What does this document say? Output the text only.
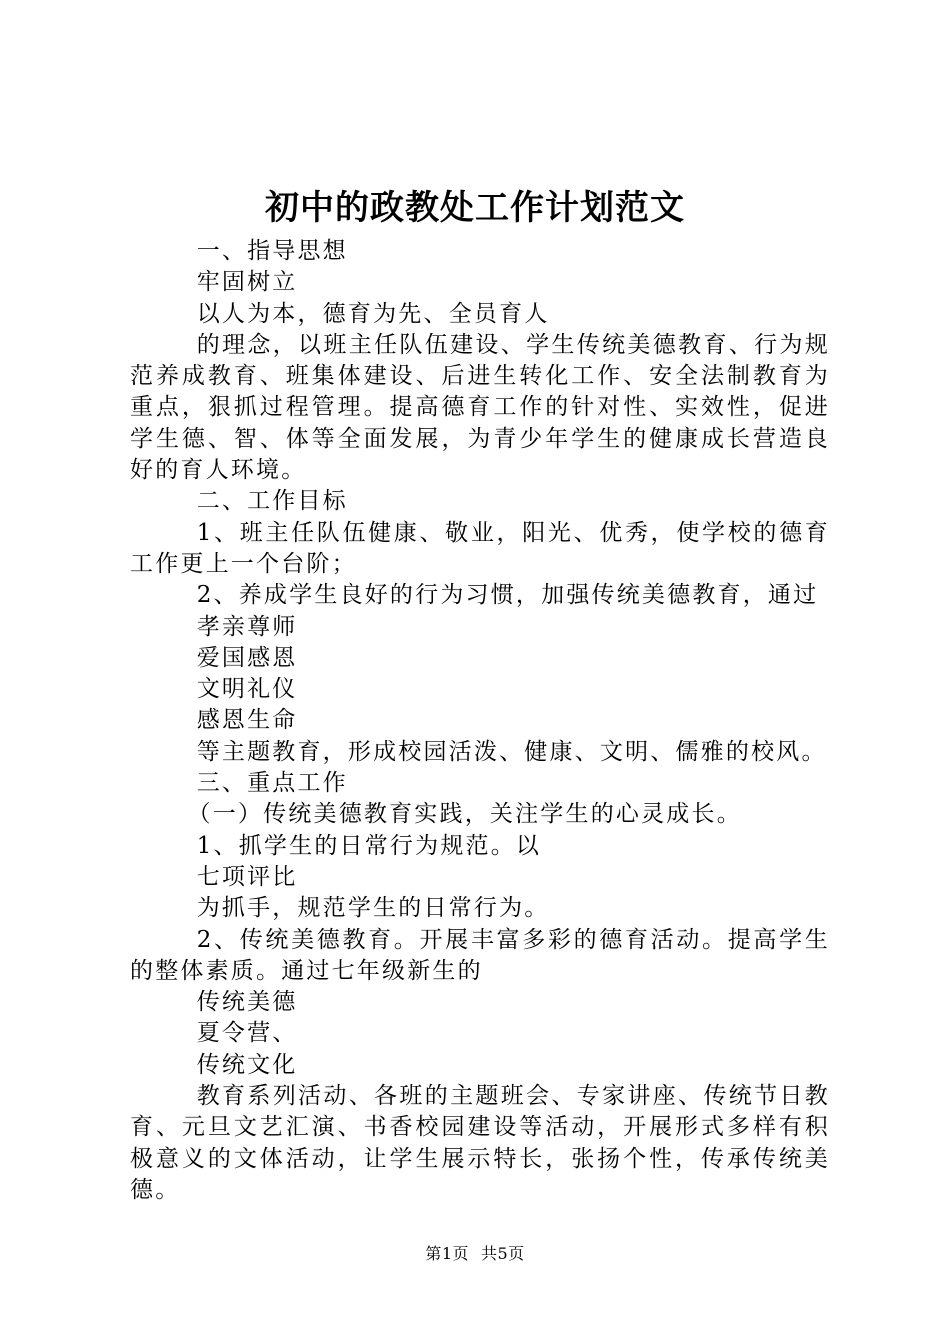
初中的政教处工作计划范文

一、指导思想

牢固树立

以人为本，德育为先、全员育人

的理念，以班主任队伍建设、学生传统美德教育、行为规范养成教育、班集体建设、后进生转化工作、安全法制教育为重点，狠抓过程管理。提高德育工作的针对性、实效性，促进学生德、智、体等全面发展，为青少年学生的健康成长营造良好的育人环境。

二、工作目标

1、班主任队伍健康、敬业，阳光、优秀，使学校的德育工作更上一个台阶；

2、养成学生良好的行为习惯，加强传统美德教育，通过

孝亲尊师

爱国感恩

文明礼仪

感恩生命

等主题教育，形成校园活泼、健康、文明、儒雅的校风。

三、重点工作

（一）传统美德教育实践，关注学生的心灵成长。

1、抓学生的日常行为规范。以

七项评比

为抓手，规范学生的日常行为。

2、传统美德教育。开展丰富多彩的德育活动。提高学生的整体素质。通过七年级新生的

传统美德

夏令营、

传统文化

教育系列活动、各班的主题班会、专家讲座、传统节日教育、元旦文艺汇演、书香校园建设等活动，开展形式多样有积极意义的文体活动，让学生展示特长，张扬个性，传承传统美德。

第1页 共5页
